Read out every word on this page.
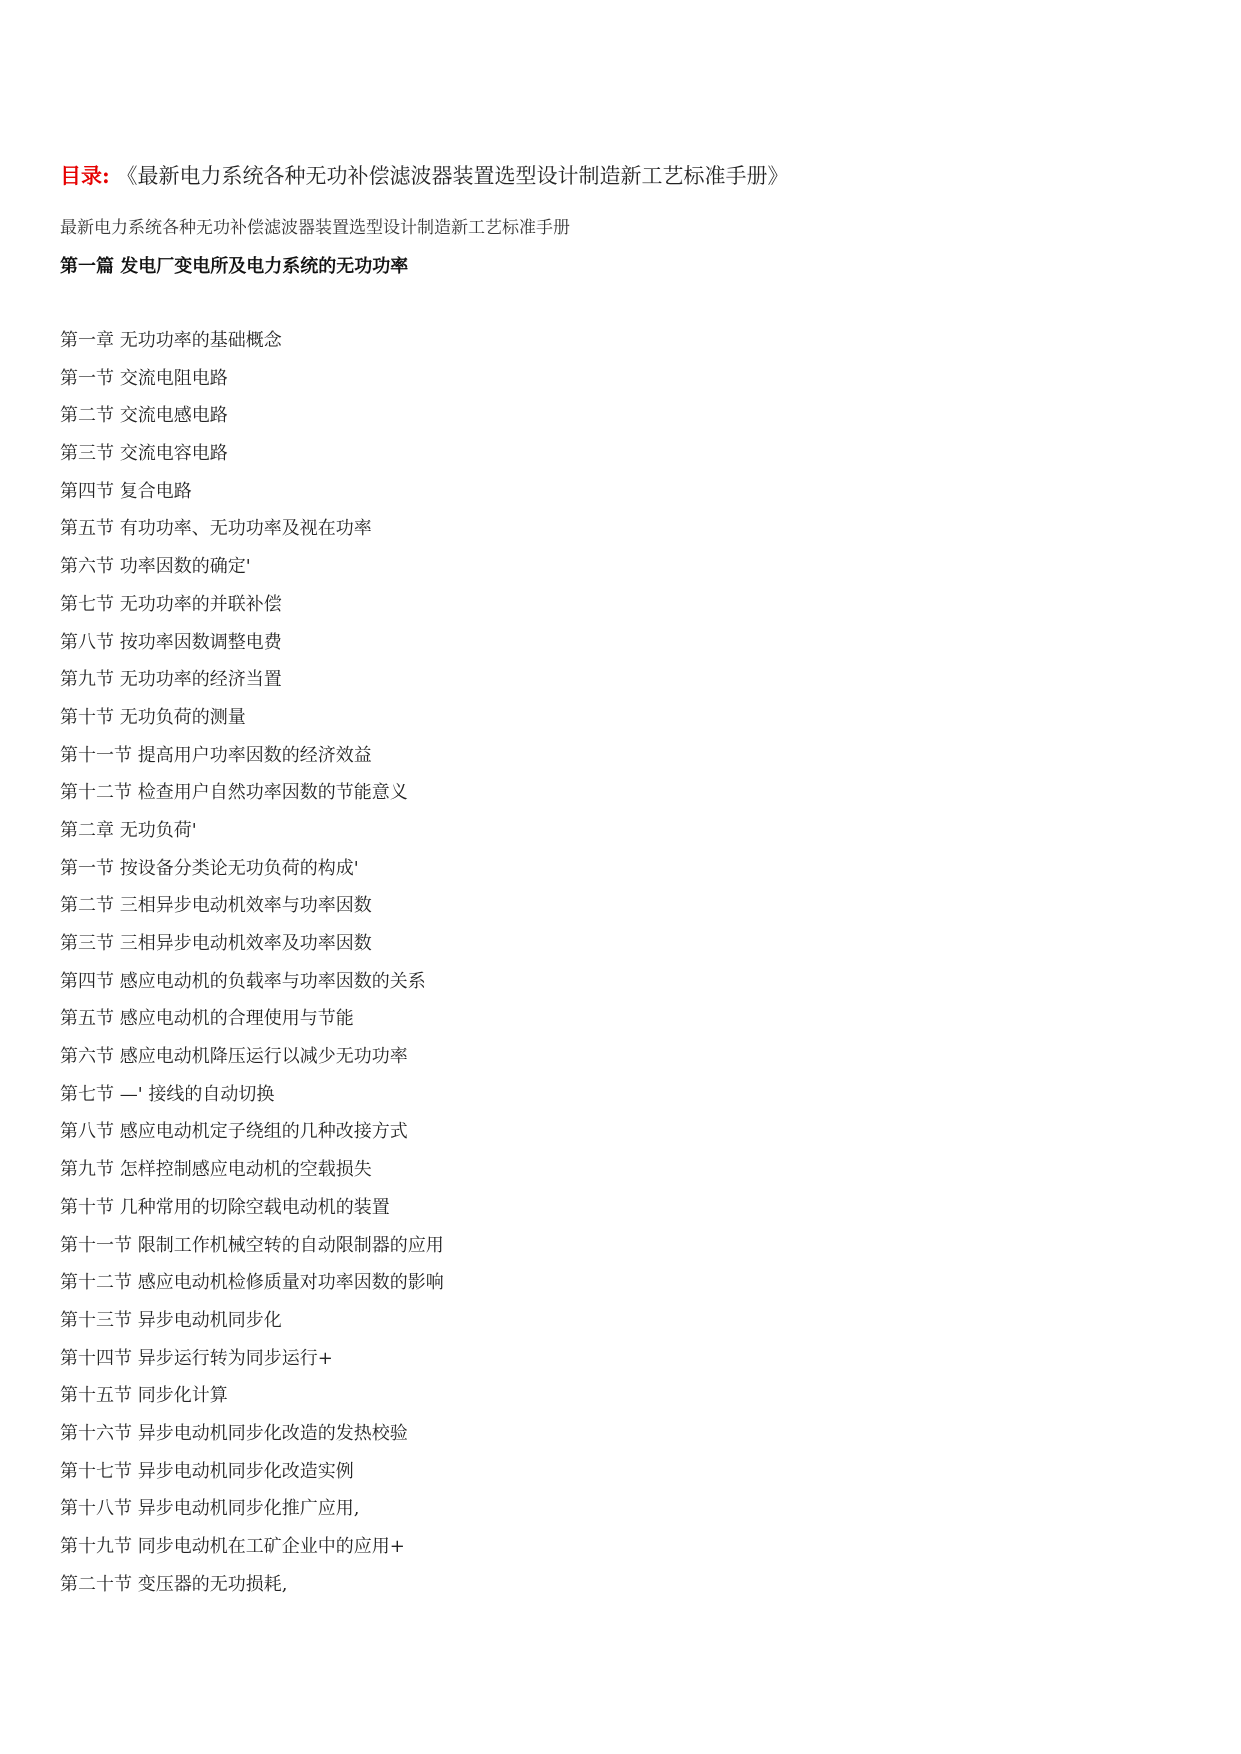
目录: 《最新电力系统各种无功补偿滤波器装置选型设计制造新工艺标准手册》
最新电力系统各种无功补偿滤波器装置选型设计制造新工艺标准手册
第一篇 发电厂变电所及电力系统的无功功率
第一章 无功功率的基础概念
第一节 交流电阻电路
第二节 交流电感电路
第三节 交流电容电路
第四节 复合电路
第五节 有功功率、无功功率及视在功率
第六节 功率因数的确定'
第七节 无功功率的并联补偿
第八节 按功率因数调整电费
第九节 无功功率的经济当置
第十节 无功负荷的测量
第十一节 提高用户功率因数的经济效益
第十二节 检查用户自然功率因数的节能意义
第二章 无功负荷'
第一节 按设备分类论无功负荷的构成'
第二节 三相异步电动机效率与功率因数
第三节 三相异步电动机效率及功率因数
第四节 感应电动机的负载率与功率因数的关系
第五节 感应电动机的合理使用与节能
第六节 感应电动机降压运行以减少无功功率
第七节 —' 接线的自动切换
第八节 感应电动机定子绕组的几种改接方式
第九节 怎样控制感应电动机的空载损失
第十节 几种常用的切除空载电动机的装置
第十一节 限制工作机械空转的自动限制器的应用
第十二节 感应电动机检修质量对功率因数的影响
第十三节 异步电动机同步化
第十四节 异步运行转为同步运行+
第十五节 同步化计算
第十六节 异步电动机同步化改造的发热校验
第十七节 异步电动机同步化改造实例
第十八节 异步电动机同步化推广应用,
第十九节 同步电动机在工矿企业中的应用+
第二十节 变压器的无功损耗,
